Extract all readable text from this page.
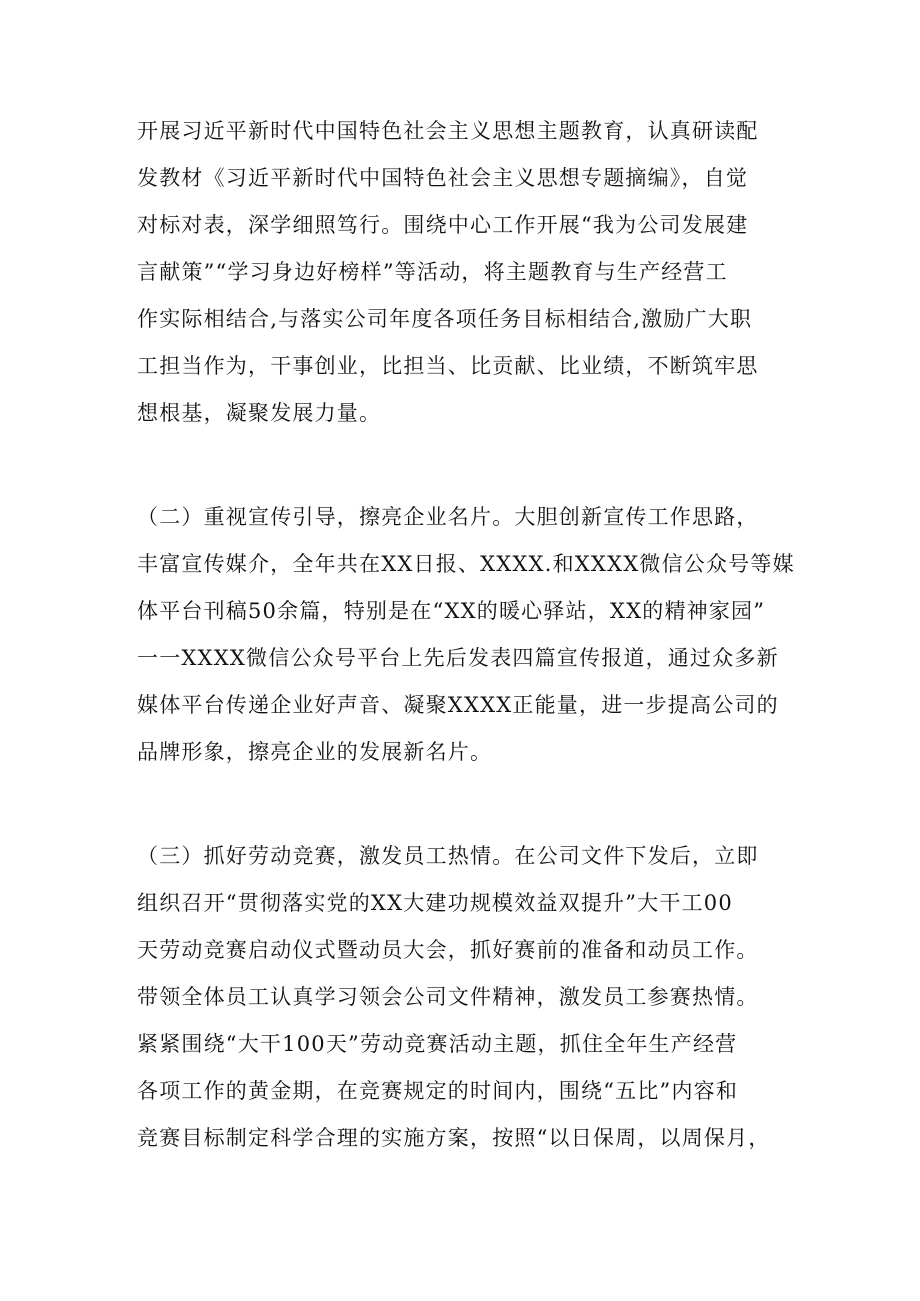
开展习近平新时代中国特色社会主义思想主题教育，认真研读配
发教材《习近平新时代中国特色社会主义思想专题摘编》，自觉
对标对表，深学细照笃行。围绕中心工作开展“我为公司发展建
言献策”“学习身边好榜样”等活动，将主题教育与生产经营工
作实际相结合,与落实公司年度各项任务目标相结合,激励广大职
工担当作为，干事创业，比担当、比贡献、比业绩，不断筑牢思
想根基，凝聚发展力量。
（二）重视宣传引导，擦亮企业名片。大胆创新宣传工作思路，
丰富宣传媒介，全年共在XX日报、XXXX.和XXXX微信公众号等媒
体平台刊稿50余篇，特别是在“XX的暖心驿站，XX的精神家园”
一一XXXX微信公众号平台上先后发表四篇宣传报道，通过众多新
媒体平台传递企业好声音、凝聚XXXX正能量，进一步提高公司的
品牌形象，擦亮企业的发展新名片。
（三）抓好劳动竞赛，激发员工热情。在公司文件下发后，立即
组织召开“贯彻落实党的XX大建功规模效益双提升”大干工00
天劳动竞赛启动仪式暨动员大会，抓好赛前的准备和动员工作。
带领全体员工认真学习领会公司文件精神，激发员工参赛热情。
紧紧围绕“大干100天”劳动竞赛活动主题，抓住全年生产经营
各项工作的黄金期，在竞赛规定的时间内，围绕“五比”内容和
竞赛目标制定科学合理的实施方案，按照“以日保周，以周保月，
